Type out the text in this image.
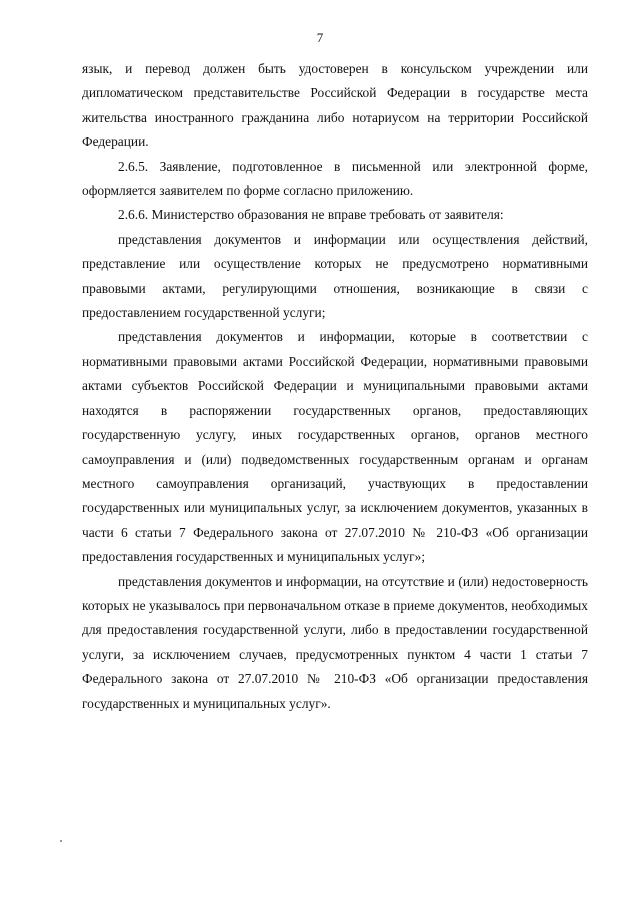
7

язык, и перевод должен быть удостоверен в консульском учреждении или дипломатическом представительстве Российской Федерации в государстве места жительства иностранного гражданина либо нотариусом на территории Российской Федерации.

2.6.5. Заявление, подготовленное в письменной или электронной форме, оформляется заявителем по форме согласно приложению.

2.6.6. Министерство образования не вправе требовать от заявителя:

представления документов и информации или осуществления действий, представление или осуществление которых не предусмотрено нормативными правовыми актами, регулирующими отношения, возникающие в связи с предоставлением государственной услуги;

представления документов и информации, которые в соответствии с нормативными правовыми актами Российской Федерации, нормативными правовыми актами субъектов Российской Федерации и муниципальными правовыми актами находятся в распоряжении государственных органов, предоставляющих государственную услугу, иных государственных органов, органов местного самоуправления и (или) подведомственных государственным органам и органам местного самоуправления организаций, участвующих в предоставлении государственных или муниципальных услуг, за исключением документов, указанных в части 6 статьи 7 Федерального закона от 27.07.2010 № 210-ФЗ «Об организации предоставления государственных и муниципальных услуг»;

представления документов и информации, на отсутствие и (или) недостоверность которых не указывалось при первоначальном отказе в приеме документов, необходимых для предоставления государственной услуги, либо в предоставлении государственной услуги, за исключением случаев, предусмотренных пунктом 4 части 1 статьи 7 Федерального закона от 27.07.2010 № 210-ФЗ «Об организации предоставления государственных и муниципальных услуг».
